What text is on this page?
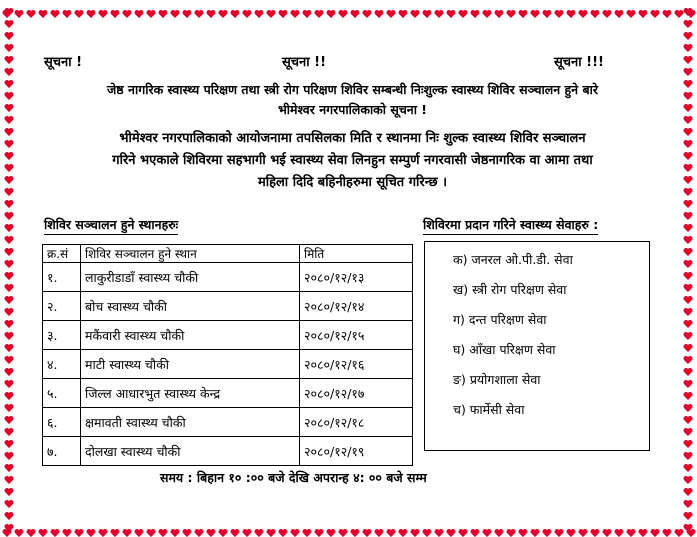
सूचना !	सूचना !!	सूचना !!!
जेष्ठ नागरिक स्वास्थ्य परिक्षण तथा स्त्री रोग परिक्षण शिविर सम्बन्धी निःशुल्क स्वास्थ्य शिविर सञ्चालन हुने बारे
भीमेश्वर नगरपालिकाको सूचना !
भीमेश्वर नगरपालिकाको आयोजनामा तपसिलका मिति र स्थानमा निः शुल्क स्वास्थ्य शिविर सञ्चालन
गरिने भएकाले शिविरमा सहभागी भई स्वास्थ्य सेवा लिनहुन सम्पुर्ण नगरवासी जेष्ठनागरिक वा आमा तथा
महिला दिदि बहिनीहरुमा सूचित गरिन्छ ।
शिविर सञ्चालन हुने स्थानहरुः	शिविरमा प्रदान गरिने स्वास्थ्य सेवाहरु :
क्र.सं	शिविर सञ्चालन हुने स्थान	मिति
१.	लाकुरीडाडाँ स्वास्थ्य चौकी	२०८०/१२/१३
२.	बोच स्वास्थ्य चौकी	२०८०/१२/१४
३.	मकैंवारी स्वास्थ्य चौकी	२०८०/१२/१५
४.	माटी स्वास्थ्य चौकी	२०८०/१२/१६
५.	जिल्ल आधारभुत स्वास्थ्य केन्द्र	२०८०/१२/१७
६.	क्षमावती स्वास्थ्य चौकी	२०८०/१२/१८
७.	दोलखा स्वास्थ्य चौकी	२०८०/१२/१९
क) जनरल ओ.पी.डी. सेवा
ख) स्त्री रोग परिक्षण सेवा
ग) दन्त परिक्षण सेवा
घ) आँखा परिक्षण सेवा
ङ) प्रयोगशाला सेवा
च) फार्मेसी सेवा
समय : बिहान १० :०० बजे देखि अपरान्ह ४: ०० बजे सम्म
